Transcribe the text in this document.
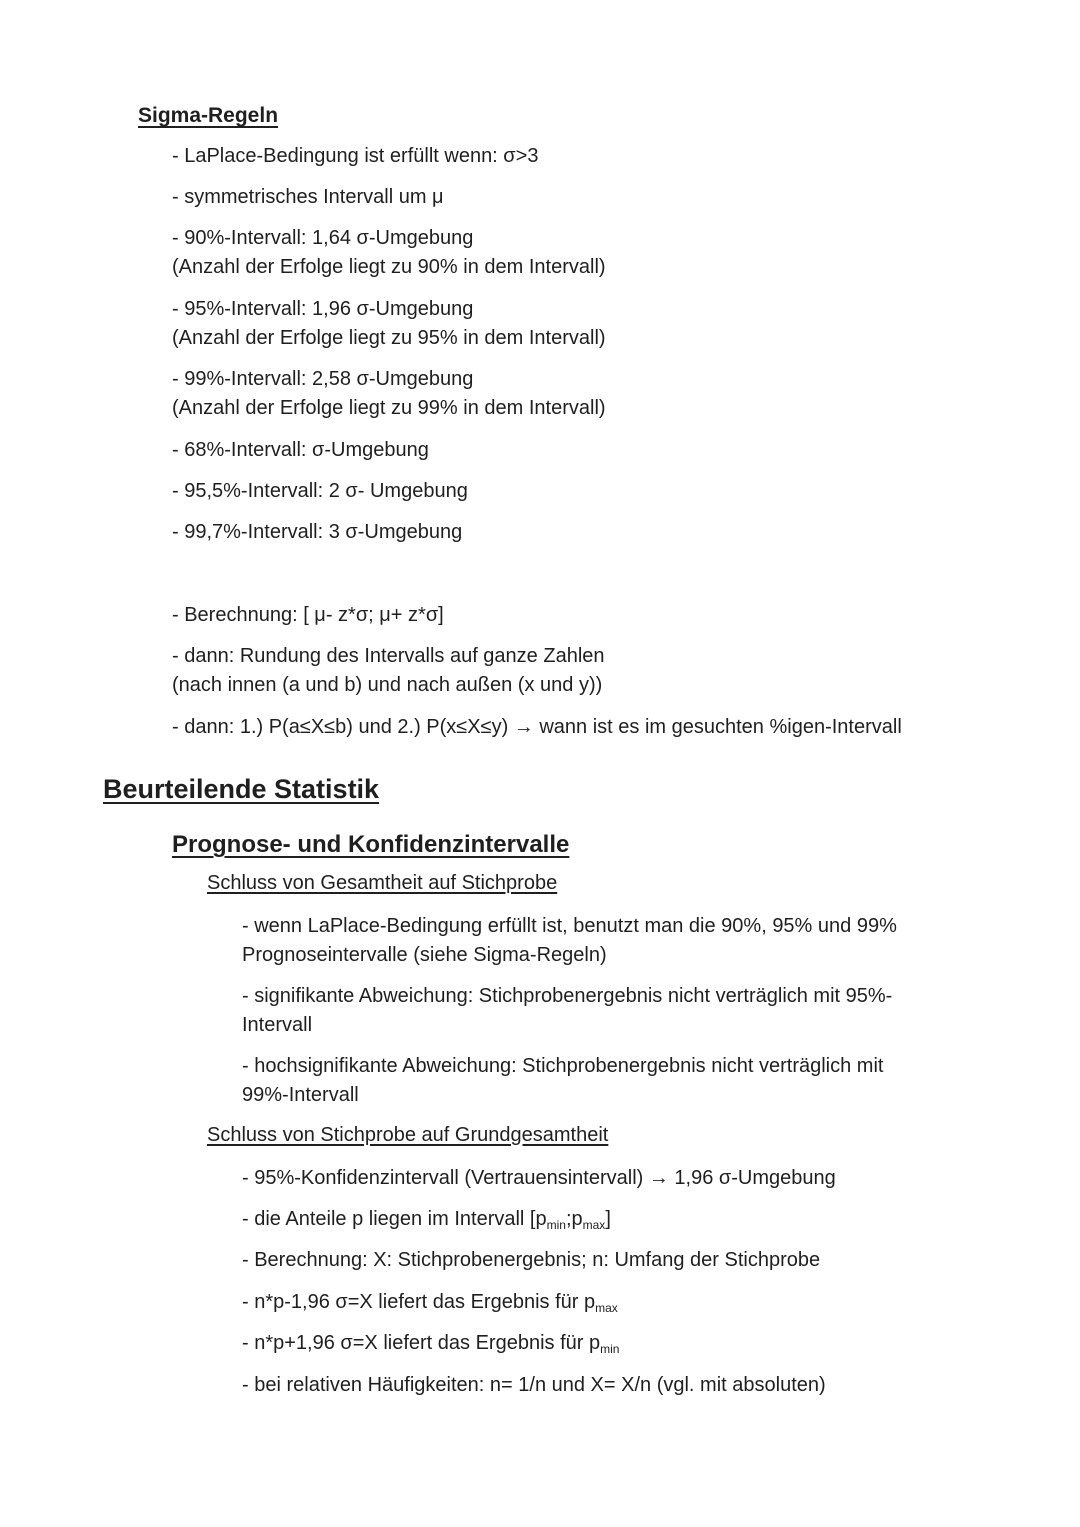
Sigma-Regeln
- LaPlace-Bedingung ist erfüllt wenn: σ>3
- symmetrisches Intervall um μ
- 90%-Intervall: 1,64 σ-Umgebung
(Anzahl der Erfolge liegt zu 90% in dem Intervall)
- 95%-Intervall: 1,96 σ-Umgebung
(Anzahl der Erfolge liegt zu 95% in dem Intervall)
- 99%-Intervall: 2,58 σ-Umgebung
(Anzahl der Erfolge liegt zu 99% in dem Intervall)
- 68%-Intervall: σ-Umgebung
- 95,5%-Intervall: 2 σ- Umgebung
- 99,7%-Intervall: 3 σ-Umgebung
- Berechnung: [ μ- z*σ; μ+ z*σ]
- dann: Rundung des Intervalls auf ganze Zahlen
(nach innen (a und b) und nach außen (x und y))
- dann: 1.) P(a≤X≤b) und 2.) P(x≤X≤y) → wann ist es im gesuchten %igen-Intervall
Beurteilende Statistik
Prognose- und Konfidenzintervalle
Schluss von Gesamtheit auf Stichprobe
- wenn LaPlace-Bedingung erfüllt ist, benutzt man die 90%, 95% und 99%
Prognoseintervalle (siehe Sigma-Regeln)
- signifikante Abweichung: Stichprobenergebnis nicht verträglich mit 95%-
Intervall
- hochsignifikante Abweichung: Stichprobenergebnis nicht verträglich mit
99%-Intervall
Schluss von Stichprobe auf Grundgesamtheit
- 95%-Konfidenzintervall (Vertrauensintervall) → 1,96 σ-Umgebung
- die Anteile p liegen im Intervall $[p_{min};p_{max}]$
- Berechnung: X: Stichprobenergebnis; n: Umfang der Stichprobe
- n*p-1,96 σ=X liefert das Ergebnis für $p_{max}$
- n*p+1,96 σ=X liefert das Ergebnis für $p_{min}$
- bei relativen Häufigkeiten: n= 1/n und X= X/n (vgl. mit absoluten)
